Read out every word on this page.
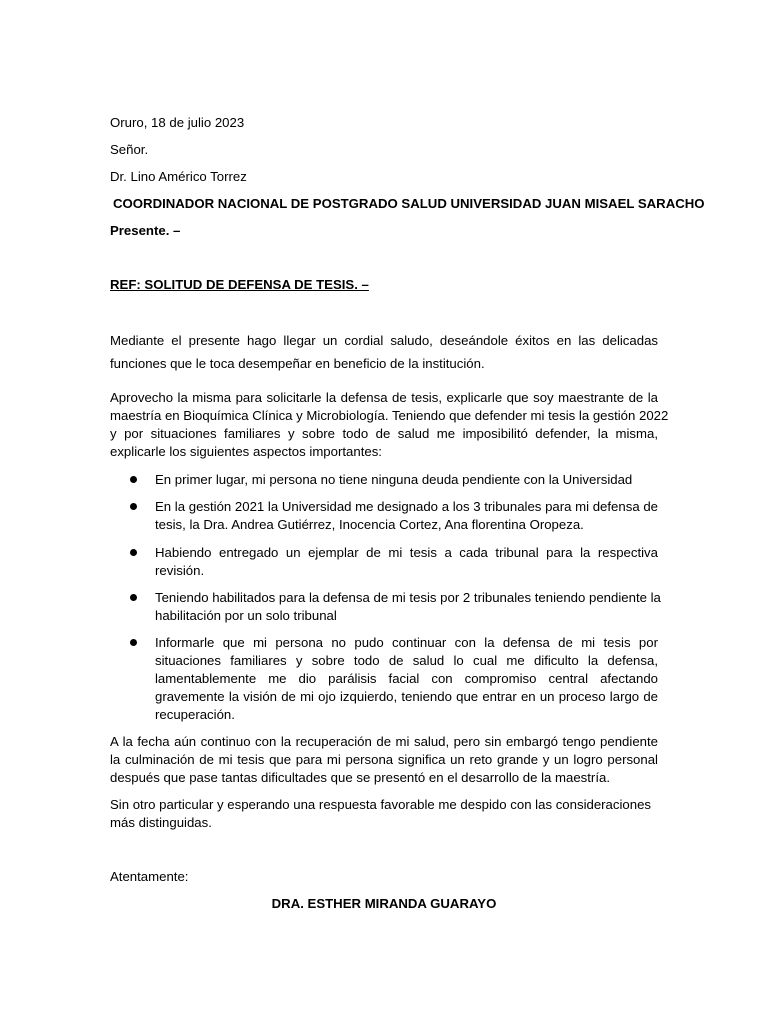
Oruro, 18 de julio 2023
Señor.
Dr. Lino Américo Torrez
COORDINADOR NACIONAL DE POSTGRADO SALUD UNIVERSIDAD JUAN MISAEL SARACHO
Presente. –
REF: SOLITUD DE DEFENSA DE TESIS. –
Mediante el presente hago llegar un cordial saludo, deseándole éxitos en las delicadas
funciones que le toca desempeñar en beneficio de la institución.
Aprovecho la misma para solicitarle la defensa de tesis, explicarle que soy maestrante de la
maestría en Bioquímica Clínica y Microbiología. Teniendo que defender mi tesis la gestión 2022
y por situaciones familiares y sobre todo de salud me imposibilitó defender, la misma,
explicarle los siguientes aspectos importantes:
En primer lugar, mi persona no tiene ninguna deuda pendiente con la Universidad
En la gestión 2021 la Universidad me designado a los 3 tribunales para mi defensa de
tesis, la Dra. Andrea Gutiérrez, Inocencia Cortez, Ana florentina Oropeza.
Habiendo entregado un ejemplar de mi tesis a cada tribunal para la respectiva
revisión.
Teniendo habilitados para la defensa de mi tesis por 2 tribunales teniendo pendiente la
habilitación por un solo tribunal
Informarle que mi persona no pudo continuar con la defensa de mi tesis por
situaciones familiares y sobre todo de salud lo cual me dificulto la defensa,
lamentablemente me dio parálisis facial con compromiso central afectando
gravemente la visión de mi ojo izquierdo, teniendo que entrar en un proceso largo de
recuperación.
A la fecha aún continuo con la recuperación de mi salud, pero sin embargó tengo pendiente
la culminación de mi tesis que para mi persona significa un reto grande y un logro personal
después que pase tantas dificultades que se presentó en el desarrollo de la maestría.
Sin otro particular y esperando una respuesta favorable me despido con las consideraciones
más distinguidas.
Atentamente:
DRA. ESTHER MIRANDA GUARAYO
